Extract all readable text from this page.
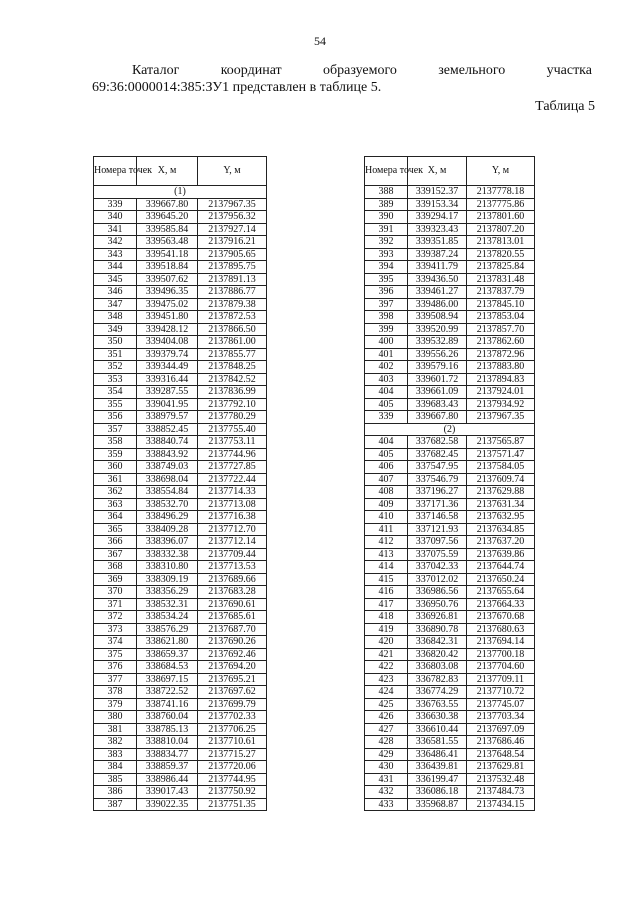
54
Каталог	координат	образуемого	земельного	участка
69:36:0000014:385:ЗУ1 представлен в таблице 5.
Таблица 5
Номера точек	X, м	Y, м
(1)		
339	339667.80	2137967.35
340	339645.20	2137956.32
341	339585.84	2137927.14
342	339563.48	2137916.21
343	339541.18	2137905.65
344	339518.84	2137895.75
345	339507.62	2137891.13
346	339496.35	2137886.77
347	339475.02	2137879.38
348	339451.80	2137872.53
349	339428.12	2137866.50
350	339404.08	2137861.00
351	339379.74	2137855.77
352	339344.49	2137848.25
353	339316.44	2137842.52
354	339287.55	2137836.99
355	339041.95	2137792.10
356	338979.57	2137780.29
357	338852.45	2137755.40
358	338840.74	2137753.11
359	338843.92	2137744.96
360	338749.03	2137727.85
361	338698.04	2137722.44
362	338554.84	2137714.33
363	338532.70	2137713.08
364	338496.29	2137716.38
365	338409.28	2137712.70
366	338396.07	2137712.14
367	338332.38	2137709.44
368	338310.80	2137713.53
369	338309.19	2137689.66
370	338356.29	2137683.28
371	338532.31	2137690.61
372	338534.24	2137685.61
373	338576.29	2137687.70
374	338621.80	2137690.26
375	338659.37	2137692.46
376	338684.53	2137694.20
377	338697.15	2137695.21
378	338722.52	2137697.62
379	338741.16	2137699.79
380	338760.04	2137702.33
381	338785.13	2137706.25
382	338810.04	2137710.61
383	338834.77	2137715.27
384	338859.37	2137720.06
385	338986.44	2137744.95
386	339017.43	2137750.92
387	339022.35	2137751.35
Номера точек	X, м	Y, м
388	339152.37	2137778.18
389	339153.34	2137775.86
390	339294.17	2137801.60
391	339323.43	2137807.20
392	339351.85	2137813.01
393	339387.24	2137820.55
394	339411.79	2137825.84
395	339436.50	2137831.48
396	339461.27	2137837.79
397	339486.00	2137845.10
398	339508.94	2137853.04
399	339520.99	2137857.70
400	339532.89	2137862.60
401	339556.26	2137872.96
402	339579.16	2137883.80
403	339601.72	2137894.83
404	339661.09	2137924.01
405	339683.43	2137934.92
339	339667.80	2137967.35
(2)		
404	337682.58	2137565.87
405	337682.45	2137571.47
406	337547.95	2137584.05
407	337546.79	2137609.74
408	337196.27	2137629.88
409	337171.36	2137631.34
410	337146.58	2137632.95
411	337121.93	2137634.85
412	337097.56	2137637.20
413	337075.59	2137639.86
414	337042.33	2137644.74
415	337012.02	2137650.24
416	336986.56	2137655.64
417	336950.76	2137664.33
418	336926.81	2137670.68
419	336890.78	2137680.63
420	336842.31	2137694.14
421	336820.42	2137700.18
422	336803.08	2137704.60
423	336782.83	2137709.11
424	336774.29	2137710.72
425	336763.55	2137745.07
426	336630.38	2137703.34
427	336610.44	2137697.09
428	336581.55	2137686.46
429	336486.41	2137648.54
430	336439.81	2137629.81
431	336199.47	2137532.48
432	336086.18	2137484.73
433	335968.87	2137434.15
